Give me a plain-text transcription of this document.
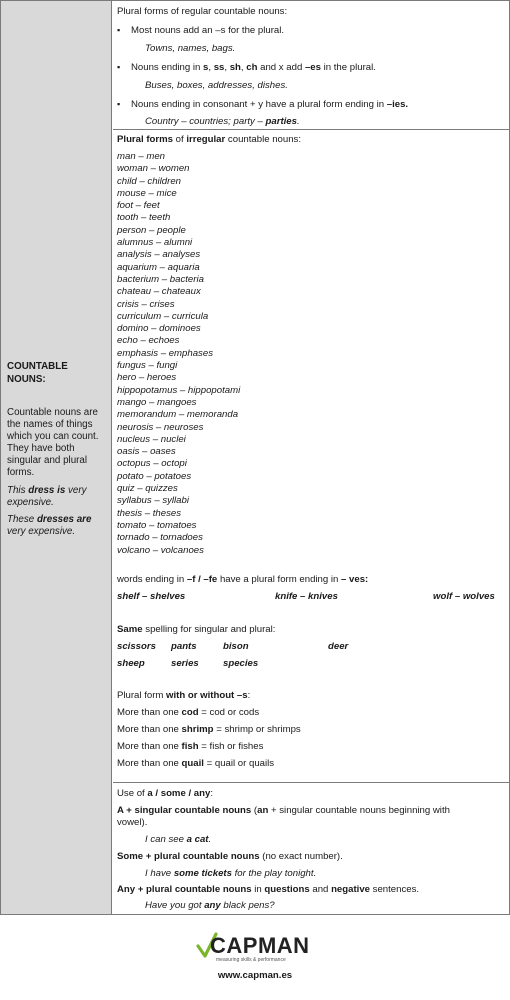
COUNTABLE
NOUNS:
Countable nouns are the names of things which you can count. They have both singular and plural forms.
This dress is very expensive.
These dresses are very expensive.
Plural forms of regular countable nouns:
▪ Most nouns add an –s for the plural.
Towns, names, bags.
▪ Nouns ending in s, ss, sh, ch and x add –es in the plural.
Buses, boxes, addresses, dishes.
▪ Nouns ending in consonant + y have a plural form ending in –ies.
Country – countries; party – parties.
Plural forms of irregular countable nouns:
man – men
woman – women
child – children
mouse – mice
foot – feet
tooth – teeth
person – people
alumnus – alumni
analysis – analyses
aquarium – aquaria
bacterium – bacteria
chateau – chateaux
crisis – crises
curriculum – curricula
domino – dominoes
echo – echoes
emphasis – emphases
fungus – fungi
hero – heroes
hippopotamus – hippopotami
mango – mangoes
memorandum – memoranda
neurosis – neuroses
nucleus – nuclei
oasis – oases
octopus – octopi
potato – potatoes
quiz – quizzes
syllabus – syllabi
thesis – theses
tomato – tomatoes
tornado – tornadoes
volcano – volcanoes
words ending in –f / –fe have a plural form ending in – ves:
shelf – shelves	knife – knives	wolf – wolves
Same spelling for singular and plural:
scissors pants	bison	deer
sheep	series	species
Plural form with or without –s:
More than one cod = cod or cods
More than one shrimp = shrimp or shrimps
More than one fish = fish or fishes
More than one quail = quail or quails
Use of a / some / any:
A + singular countable nouns (an + singular countable nouns beginning with
vowel).
I can see a cat.
Some + plural countable nouns (no exact number).
I have some tickets for the play tonight.
Any + plural countable nouns in questions and negative sentences.
Have you got any black pens?
CAPMAN
measuring skills & performance
www.capman.es
